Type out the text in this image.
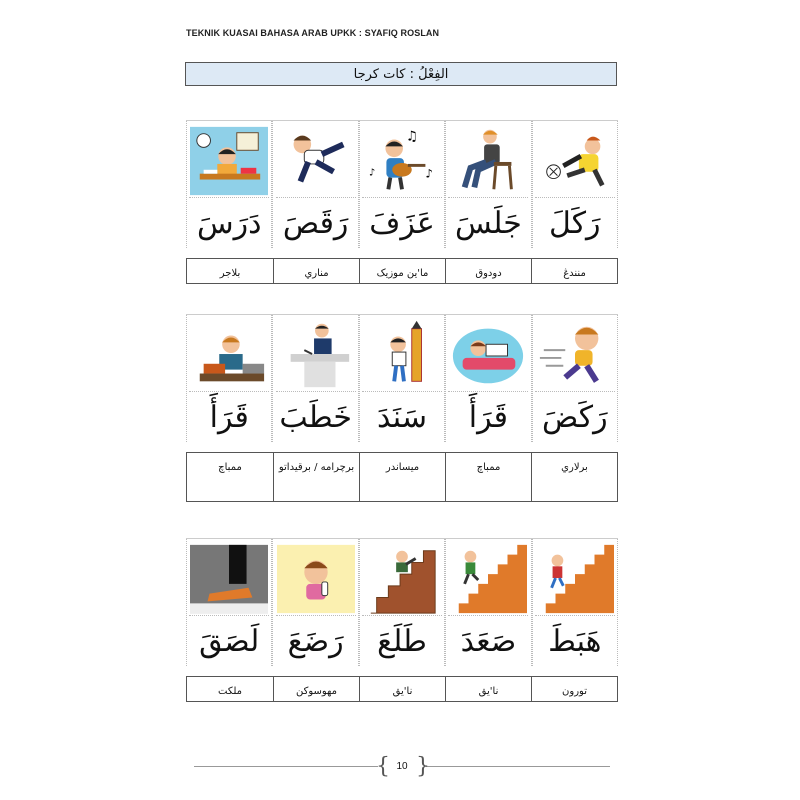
TEKNIK KUASAI BAHASA ARAB UPKK : SYAFIQ ROSLAN
الفِعْلُ : كات كرجا
رَكَلَ
جَلَسَ
♫
♪
♪
عَزَفَ
رَقَصَ
دَرَسَ
منندڠ
دودوق
ما'ين موزيک
مناري
بلاجر
رَكَضَ
قَرَأَ
سَنَدَ
خَطَبَ
قَرَأَ
برلاري
ممباچ
ميساندر
برچرامه / برقيداتو
ممباچ
هَبَطَ
صَعَدَ
طَلَعَ
رَضَعَ
لَصَقَ
تورون
نا'يق
نا'يق
مهوسوكن
ملكت
{ }
10
